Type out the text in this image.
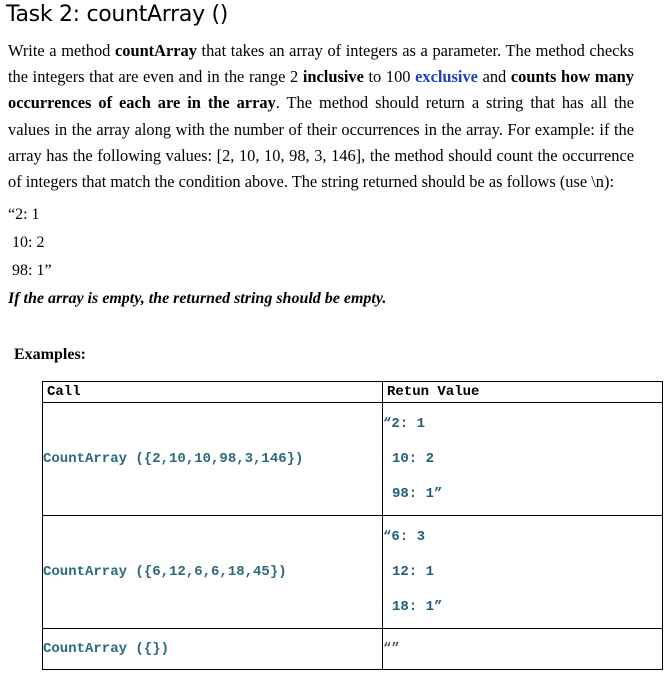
Task 2: countArray ()
Write a method countArray that takes an array of integers as a parameter. The method checks the integers that are even and in the range 2 inclusive to 100 exclusive and counts how many occurrences of each are in the array. The method should return a string that has all the values in the array along with the number of their occurrences in the array. For example: if the array has the following values: [2, 10, 10, 98, 3, 146], the method should count the occurrence of integers that match the condition above. The string returned should be as follows (use \n):
“2: 1
10: 2
98: 1”
If the array is empty, the returned string should be empty.
Examples:
Call	Retun Value
CountArray ({2,10,10,98,3,146})	“2: 1
10: 2
98: 1”

CountArray ({6,12,6,6,18,45})	“6: 3
12: 1
18: 1”

CountArray ({})	“”
